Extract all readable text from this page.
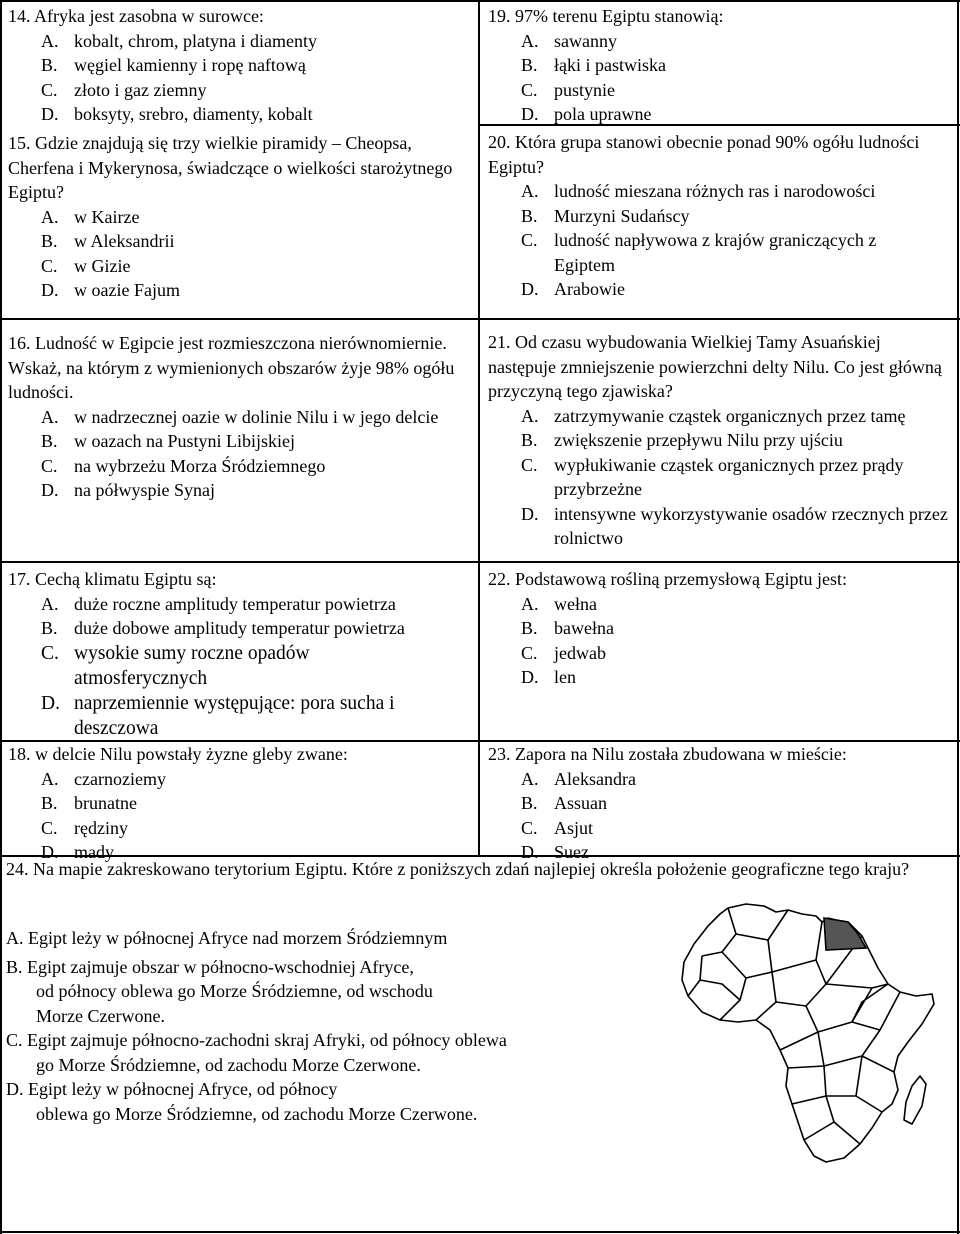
14. Afryka jest zasobna w surowce:

A. kobalt, chrom, platyna i diamenty
B. węgiel kamienny i ropę naftową
C. złoto i gaz ziemny
D. boksyty, srebro, diamenty, kobalt

15. Gdzie znajdują się trzy wielkie piramidy – Cheopsa, Cherfena i Mykerynosa, świadczące o wielkości starożytnego Egiptu?

A. w Kairze
B. w Aleksandrii
C. w Gizie
D. w oazie Fajum

16. Ludność w Egipcie jest rozmieszczona nierównomiernie. Wskaż, na którym z wymienionych obszarów żyje 98% ogółu ludności.

A. w nadrzecznej oazie w dolinie Nilu i w jego delcie
B. w oazach na Pustyni Libijskiej
C. na wybrzeżu Morza Śródziemnego
D. na półwyspie Synaj

17. Cechą klimatu Egiptu są:

A. duże roczne amplitudy temperatur powietrza
B. duże dobowe amplitudy temperatur powietrza
C. wysokie sumy roczne opadów atmosferycznych
D. naprzemiennie występujące: pora sucha i deszczowa

18. w delcie Nilu powstały żyzne gleby zwane:

A. czarnoziemy
B. brunatne
C. rędziny
D. mady

19. 97% terenu Egiptu stanowią:

A. sawanny
B. łąki i pastwiska
C. pustynie
D. pola uprawne

20. Która grupa stanowi obecnie ponad 90% ogółu ludności Egiptu?

A. ludność mieszana różnych ras i narodowości
B. Murzyni Sudańscy
C. ludność napływowa z krajów graniczących z Egiptem
D. Arabowie

21. Od czasu wybudowania Wielkiej Tamy Asuańskiej następuje zmniejszenie powierzchni delty Nilu. Co jest główną przyczyną tego zjawiska?

A. zatrzymywanie cząstek organicznych przez tamę
B. zwiększenie przepływu Nilu przy ujściu
C. wypłukiwanie cząstek organicznych przez prądy przybrzeżne
D. intensywne wykorzystywanie osadów rzecznych przez rolnictwo

22. Podstawową rośliną przemysłową Egiptu jest:

A. wełna
B. bawełna
C. jedwab
D. len

23. Zapora na Nilu została zbudowana w mieście:

A. Aleksandra
B. Assuan
C. Asjut
D. Suez
24. Na mapie zakreskowano terytorium Egiptu. Które z poniższych zdań najlepiej określa położenie geograficzne tego kraju?

A. Egipt leży w północnej Afryce nad morzem Śródziemnym

B. Egipt zajmuje obszar w północno-wschodniej Afryce,

od północy oblewa go Morze Śródziemne, od wschodu

Morze Czerwone.

C. Egipt zajmuje północno-zachodni skraj Afryki, od północy oblewa

go Morze Śródziemne, od zachodu Morze Czerwone.

D. Egipt leży w północnej Afryce, od północy

oblewa go Morze Śródziemne, od zachodu Morze Czerwone.
